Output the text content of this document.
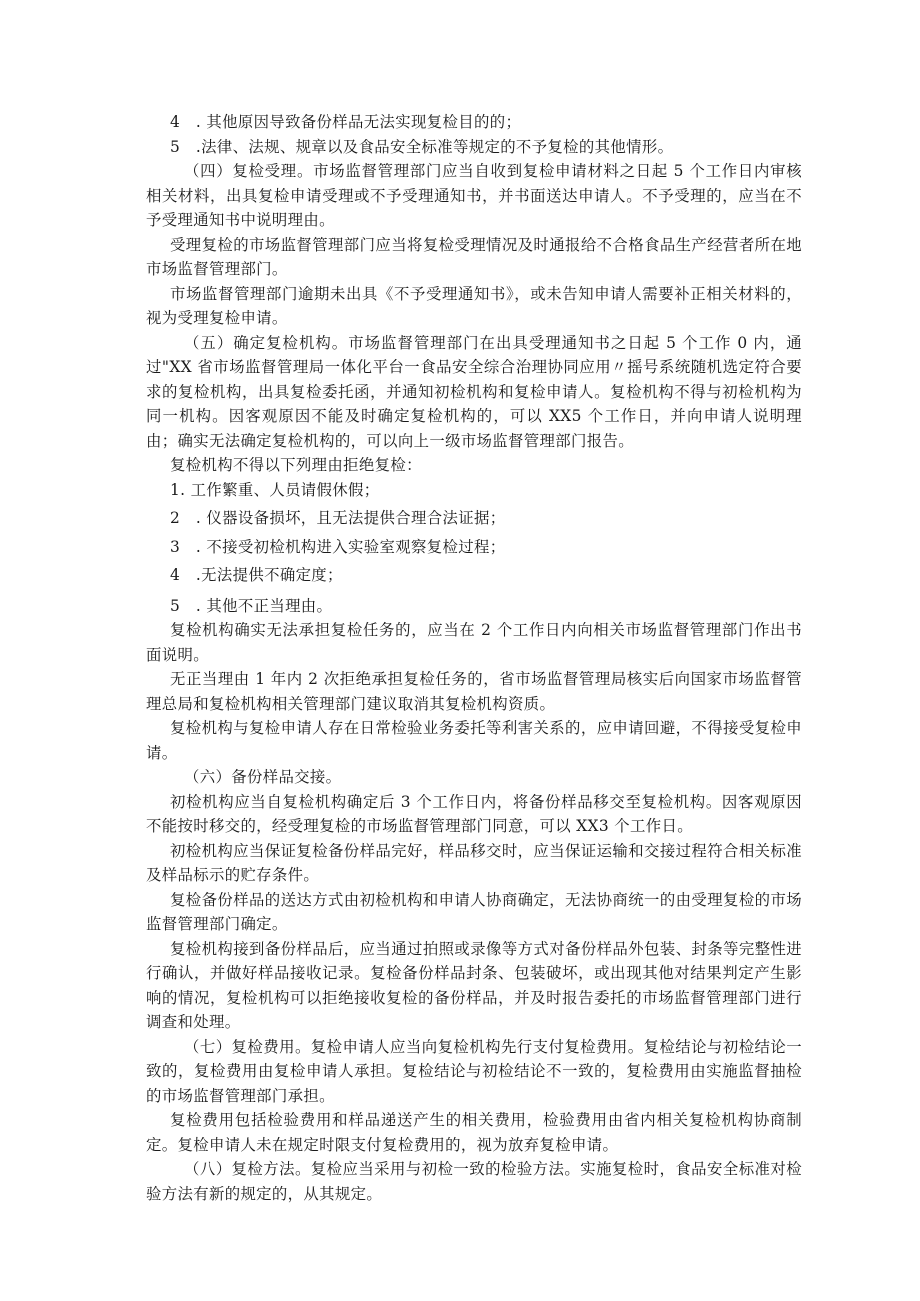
4　. 其他原因导致备份样品无法实现复检目的的；

5　.法律、法规、规章以及食品安全标准等规定的不予复检的其他情形。

（四）复检受理。市场监督管理部门应当自收到复检申请材料之日起 5 个工作日内审核相关材料，出具复检申请受理或不予受理通知书，并书面送达申请人。不予受理的，应当在不予受理通知书中说明理由。

受理复检的市场监督管理部门应当将复检受理情况及时通报给不合格食品生产经营者所在地市场监督管理部门。

市场监督管理部门逾期未出具《不予受理通知书》，或未告知申请人需要补正相关材料的，视为受理复检申请。

（五）确定复检机构。市场监督管理部门在出具受理通知书之日起 5 个工作 0 内，通过"XX 省市场监督管理局一体化平台一食品安全综合治理协同应用〃摇号系统随机选定符合要求的复检机构，出具复检委托函，并通知初检机构和复检申请人。复检机构不得与初检机构为同一机构。因客观原因不能及时确定复检机构的，可以 XX5 个工作日，并向申请人说明理由；确实无法确定复检机构的，可以向上一级市场监督管理部门报告。

复检机构不得以下列理由拒绝复检：

1. 工作繁重、人员请假休假；

2　. 仪器设备损坏，且无法提供合理合法证据；

3　. 不接受初检机构进入实验室观察复检过程；

4　.无法提供不确定度；

5　. 其他不正当理由。

复检机构确实无法承担复检任务的，应当在 2 个工作日内向相关市场监督管理部门作出书面说明。

无正当理由 1 年内 2 次拒绝承担复检任务的，省市场监督管理局核实后向国家市场监督管理总局和复检机构相关管理部门建议取消其复检机构资质。

复检机构与复检申请人存在日常检验业务委托等利害关系的，应申请回避，不得接受复检申请。

（六）备份样品交接。

初检机构应当自复检机构确定后 3 个工作日内，将备份样品移交至复检机构。因客观原因不能按时移交的，经受理复检的市场监督管理部门同意，可以 XX3 个工作日。

初检机构应当保证复检备份样品完好，样品移交时，应当保证运输和交接过程符合相关标准及样品标示的贮存条件。

复检备份样品的送达方式由初检机构和申请人协商确定，无法协商统一的由受理复检的市场监督管理部门确定。

复检机构接到备份样品后，应当通过拍照或录像等方式对备份样品外包装、封条等完整性进行确认，并做好样品接收记录。复检备份样品封条、包装破坏，或出现其他对结果判定产生影响的情况，复检机构可以拒绝接收复检的备份样品，并及时报告委托的市场监督管理部门进行调查和处理。

（七）复检费用。复检申请人应当向复检机构先行支付复检费用。复检结论与初检结论一致的，复检费用由复检申请人承担。复检结论与初检结论不一致的，复检费用由实施监督抽检的市场监督管理部门承担。

复检费用包括检验费用和样品递送产生的相关费用，检验费用由省内相关复检机构协商制定。复检申请人未在规定时限支付复检费用的，视为放弃复检申请。

（八）复检方法。复检应当采用与初检一致的检验方法。实施复检时，食品安全标准对检验方法有新的规定的，从其规定。
